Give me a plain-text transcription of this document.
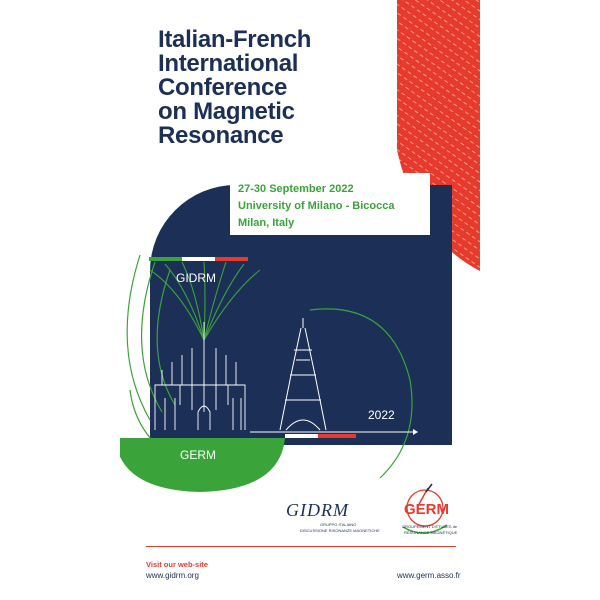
Italian-French
International
Conference
on Magnetic
Resonance
27-30 September 2022
University of Milano - Bicocca
Milan, Italy
GIDRM
2022
GERM
GIDRM
GRUPPO ITALIANO
DISCUSSIONE RISONANZE MAGNETICHE
GERM
GROUPEMENT D'ÉTUDES de
RÉSONANCE MAGNÉTIQUE
Visit our web-site
www.gidrm.org	www.germ.asso.fr
